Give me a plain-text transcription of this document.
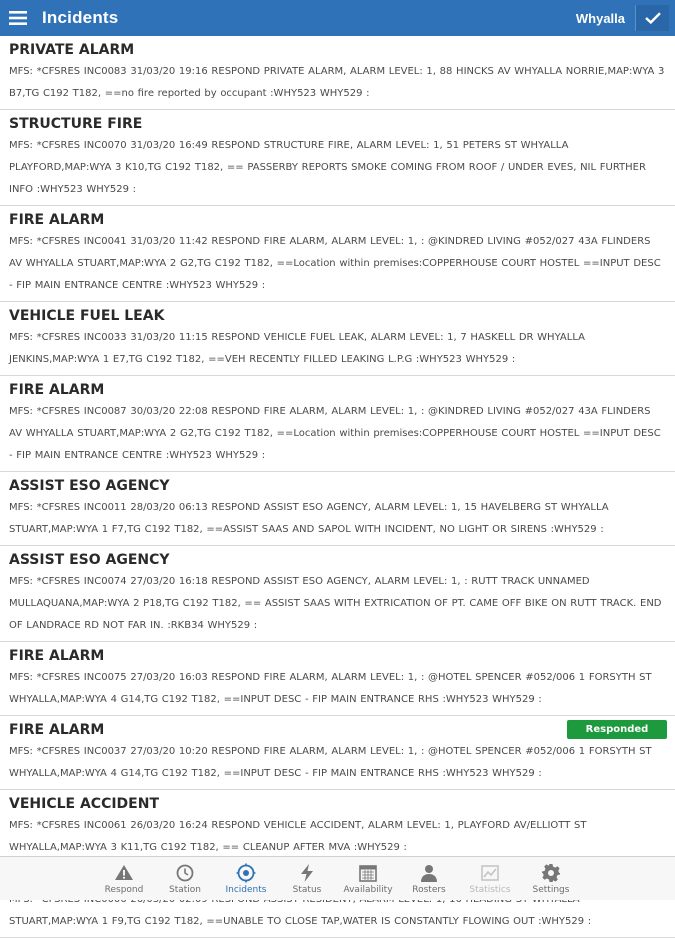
Incidents	Whyalla
PRIVATE ALARM
MFS: *CFSRES INC0083 31/03/20 19:16 RESPOND PRIVATE ALARM, ALARM LEVEL: 1, 88 HINCKS AV WHYALLA NORRIE,MAP:WYA 3 B7,TG C192 T182, ==no fire reported by occupant :WHY523 WHY529 :
STRUCTURE FIRE
MFS: *CFSRES INC0070 31/03/20 16:49 RESPOND STRUCTURE FIRE, ALARM LEVEL: 1, 51 PETERS ST WHYALLA PLAYFORD,MAP:WYA 3 K10,TG C192 T182, == PASSERBY REPORTS SMOKE COMING FROM ROOF / UNDER EVES, NIL FURTHER INFO :WHY523 WHY529 :
FIRE ALARM
MFS: *CFSRES INC0041 31/03/20 11:42 RESPOND FIRE ALARM, ALARM LEVEL: 1, : @KINDRED LIVING #052/027 43A FLINDERS AV WHYALLA STUART,MAP:WYA 2 G2,TG C192 T182, ==Location within premises:COPPERHOUSE COURT HOSTEL ==INPUT DESC - FIP MAIN ENTRANCE CENTRE :WHY523 WHY529 :
VEHICLE FUEL LEAK
MFS: *CFSRES INC0033 31/03/20 11:15 RESPOND VEHICLE FUEL LEAK, ALARM LEVEL: 1, 7 HASKELL DR WHYALLA JENKINS,MAP:WYA 1 E7,TG C192 T182, ==VEH RECENTLY FILLED LEAKING L.P.G :WHY523 WHY529 :
FIRE ALARM
MFS: *CFSRES INC0087 30/03/20 22:08 RESPOND FIRE ALARM, ALARM LEVEL: 1, : @KINDRED LIVING #052/027 43A FLINDERS AV WHYALLA STUART,MAP:WYA 2 G2,TG C192 T182, ==Location within premises:COPPERHOUSE COURT HOSTEL ==INPUT DESC - FIP MAIN ENTRANCE CENTRE :WHY523 WHY529 :
ASSIST ESO AGENCY
MFS: *CFSRES INC0011 28/03/20 06:13 RESPOND ASSIST ESO AGENCY, ALARM LEVEL: 1, 15 HAVELBERG ST WHYALLA STUART,MAP:WYA 1 F7,TG C192 T182, ==ASSIST SAAS AND SAPOL WITH INCIDENT, NO LIGHT OR SIRENS :WHY529 :
ASSIST ESO AGENCY
MFS: *CFSRES INC0074 27/03/20 16:18 RESPOND ASSIST ESO AGENCY, ALARM LEVEL: 1, : RUTT TRACK UNNAMED MULLAQUANA,MAP:WYA 2 P18,TG C192 T182, == ASSIST SAAS WITH EXTRICATION OF PT. CAME OFF BIKE ON RUTT TRACK. END OF LANDRACE RD NOT FAR IN. :RKB34 WHY529 :
FIRE ALARM
MFS: *CFSRES INC0075 27/03/20 16:03 RESPOND FIRE ALARM, ALARM LEVEL: 1, : @HOTEL SPENCER #052/006 1 FORSYTH ST WHYALLA,MAP:WYA 4 G14,TG C192 T182, ==INPUT DESC - FIP MAIN ENTRANCE RHS :WHY523 WHY529 :
FIRE ALARM	Responded
MFS: *CFSRES INC0037 27/03/20 10:20 RESPOND FIRE ALARM, ALARM LEVEL: 1, : @HOTEL SPENCER #052/006 1 FORSYTH ST WHYALLA,MAP:WYA 4 G14,TG C192 T182, ==INPUT DESC - FIP MAIN ENTRANCE RHS :WHY523 WHY529 :
VEHICLE ACCIDENT
MFS: *CFSRES INC0061 26/03/20 16:24 RESPOND VEHICLE ACCIDENT, ALARM LEVEL: 1, PLAYFORD AV/ELLIOTT ST WHYALLA,MAP:WYA 3 K11,TG C192 T182, == CLEANUP AFTER MVA :WHY529 :
STUART,MAP:WYA 1 F9,TG C192 T182, ==UNABLE TO CLOSE TAP,WATER IS CONSTANTLY FLOWING OUT :WHY529 :
Respond	Station	Incidents	Status Availability Rosters	Statistics Settings
